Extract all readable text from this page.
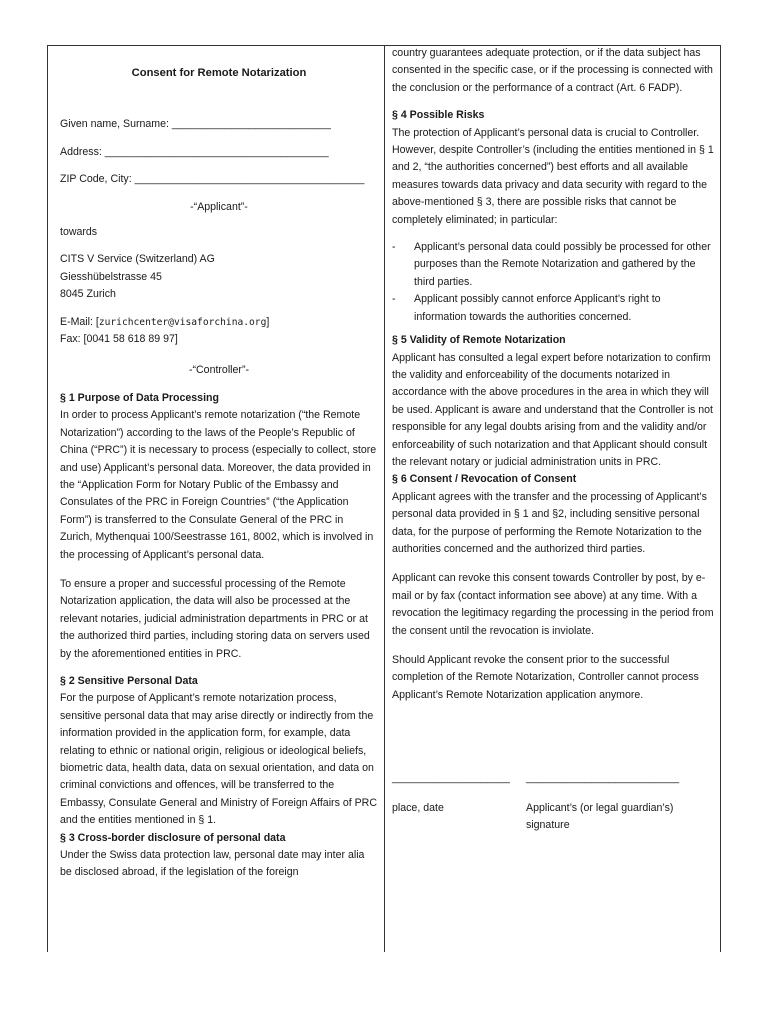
Consent for Remote Notarization

Given name, Surname: ___________________________

Address: ______________________________________

ZIP Code, City: _______________________________________

-“Applicant”-

towards

CITS V Service (Switzerland) AG

Giesshübelstrasse 45

8045 Zurich

E-Mail: [zurichcenter@visaforchina.org]

Fax: [0041 58 618 89 97]

-“Controller”-

§ 1 Purpose of Data Processing

In order to process Applicant’s remote notarization (“the Remote Notarization”) according to the laws of the People’s Republic of China (“PRC”) it is necessary to process (especially to collect, store and use) Applicant’s personal data. Moreover, the data provided in the “Application Form for Notary Public of the Embassy and Consulates of the PRC in Foreign Countries” (“the Application Form”) is transferred to the Consulate General of the PRC in Zurich, Mythenquai 100/Seestrasse 161, 8002, which is involved in the processing of Applicant’s personal data.

To ensure a proper and successful processing of the Remote Notarization application, the data will also be processed at the relevant notaries, judicial administration departments in PRC or at the authorized third parties, including storing data on servers used by the aforementioned entities in PRC.

§ 2 Sensitive Personal Data

For the purpose of Applicant’s remote notarization process, sensitive personal data that may arise directly or indirectly from the information provided in the application form, for example, data relating to ethnic or national origin, religious or ideological beliefs, biometric data, health data, data on sexual orientation, and data on criminal convictions and offences, will be transferred to the Embassy, Consulate General and Ministry of Foreign Affairs of PRC and the entities mentioned in § 1.

§ 3 Cross-border disclosure of personal data

Under the Swiss data protection law, personal date may inter alia be disclosed abroad, if the legislation of the foreign

country guarantees adequate protection, or if the data subject has consented in the specific case, or if the processing is connected with the conclusion or the performance of a contract (Art. 6 FADP).

§ 4 Possible Risks

The protection of Applicant’s personal data is crucial to Controller. However, despite Controller’s (including the entities mentioned in § 1 and 2, “the authorities concerned”) best efforts and all available measures towards data privacy and data security with regard to the above-mentioned § 3, there are possible risks that cannot be completely eliminated; in particular:

- Applicant’s personal data could possibly be processed for other purposes than the Remote Notarization and gathered by the third parties.
- Applicant possibly cannot enforce Applicant’s right to information towards the authorities concerned.

§ 5 Validity of Remote Notarization

Applicant has consulted a legal expert before notarization to confirm the validity and enforceability of the documents notarized in accordance with the above procedures in the area in which they will be used. Applicant is aware and understand that the Controller is not responsible for any legal doubts arising from and the validity and/or enforceability of such notarization and that Applicant should consult the relevant notary or judicial administration units in PRC.

§ 6 Consent / Revocation of Consent

Applicant agrees with the transfer and the processing of Applicant’s personal data provided in § 1 and §2, including sensitive personal data, for the purpose of performing the Remote Notarization to the authorities concerned and the authorized third parties.

Applicant can revoke this consent towards Controller by post, by e-mail or by fax (contact information see above) at any time. With a revocation the legitimacy regarding the processing in the period from the consent until the revocation is inviolate.

Should Applicant revoke the consent prior to the successful completion of the Remote Notarization, Controller cannot process Applicant’s Remote Notarization application anymore.

____________________	__________________________
place, date	Applicant’s (or legal guardian’s) signature
